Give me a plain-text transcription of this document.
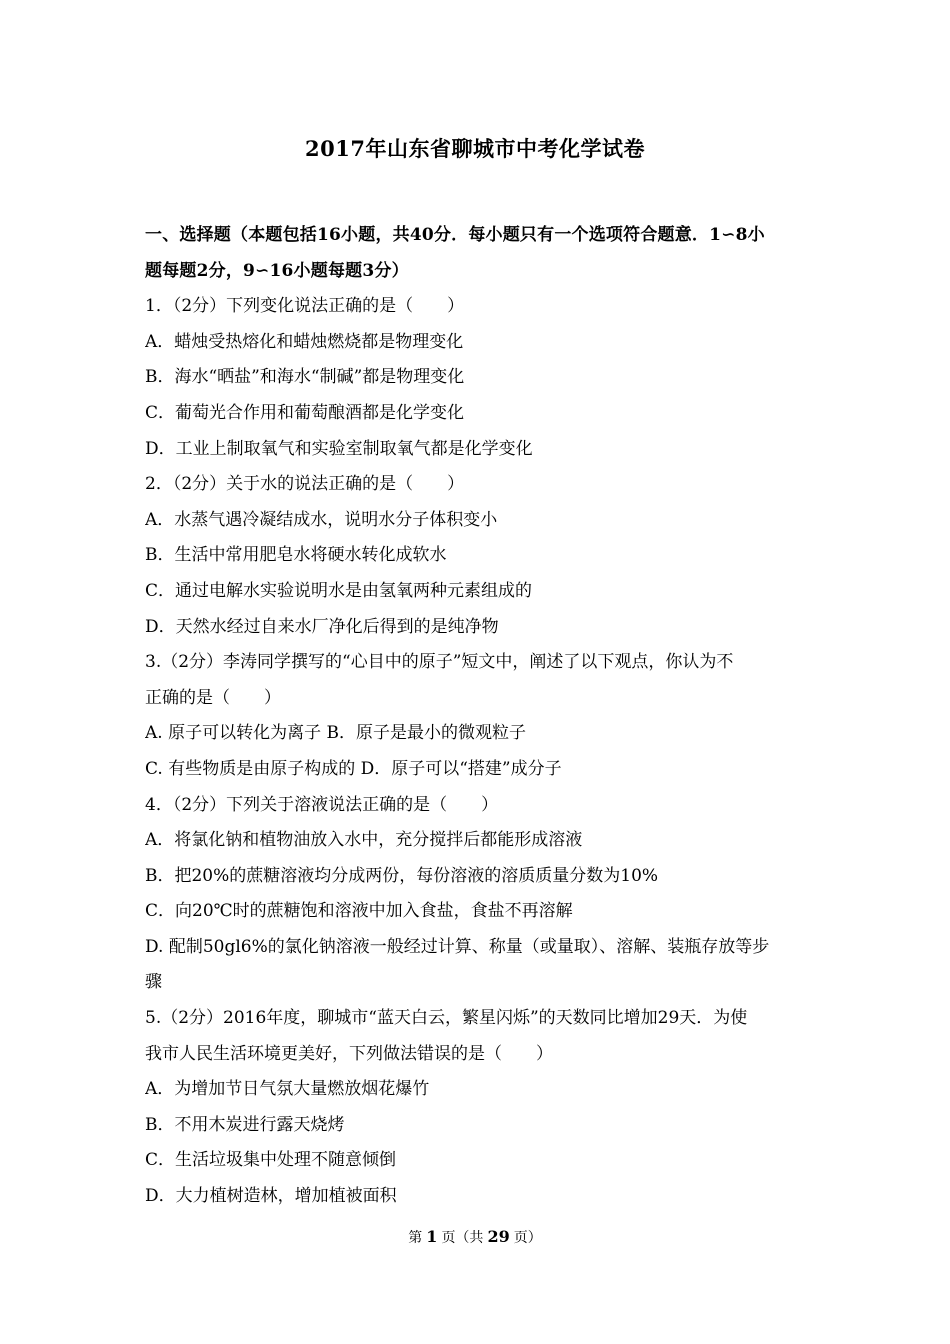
2017年山东省聊城市中考化学试卷
一、选择题（本题包括16小题，共40分．每小题只有一个选项符合题意．1∽8小
题每题2分，9∽16小题每题3分）
1．（2分）下列变化说法正确的是（　　）
A．蜡烛受热熔化和蜡烛燃烧都是物理变化
B．海水“晒盐”和海水“制碱”都是物理变化
C．葡萄光合作用和葡萄酿酒都是化学变化
D．工业上制取氧气和实验室制取氧气都是化学变化
2．（2分）关于水的说法正确的是（　　）
A．水蒸气遇冷凝结成水，说明水分子体积变小
B．生活中常用肥皂水将硬水转化成软水
C．通过电解水实验说明水是由氢氧两种元素组成的
D．天然水经过自来水厂净化后得到的是纯净物
3.（2分）李涛同学撰写的“心目中的原子”短文中，阐述了以下观点，你认为不
正确的是（　　）
A. 原子可以转化为离子 B．原子是最小的微观粒子
C. 有些物质是由原子构成的 D．原子可以“搭建”成分子
4．（2分）下列关于溶液说法正确的是（　　）
A．将氯化钠和植物油放入水中，充分搅拌后都能形成溶液
B．把20%的蔗糖溶液均分成两份，每份溶液的溶质质量分数为10%
C．向20℃时的蔗糖饱和溶液中加入食盐，食盐不再溶解
D. 配制50gl6%的氯化钠溶液一般经过计算、称量（或量取）、溶解、装瓶存放等步
骤
5.（2分）2016年度，聊城市“蓝天白云，繁星闪烁”的天数同比增加29天．为使
我市人民生活环境更美好，下列做法错误的是（　　）
A．为增加节日气氛大量燃放烟花爆竹
B．不用木炭进行露天烧烤
C．生活垃圾集中处理不随意倾倒
D．大力植树造林，增加植被面积
第 1 页（共 29 页）
